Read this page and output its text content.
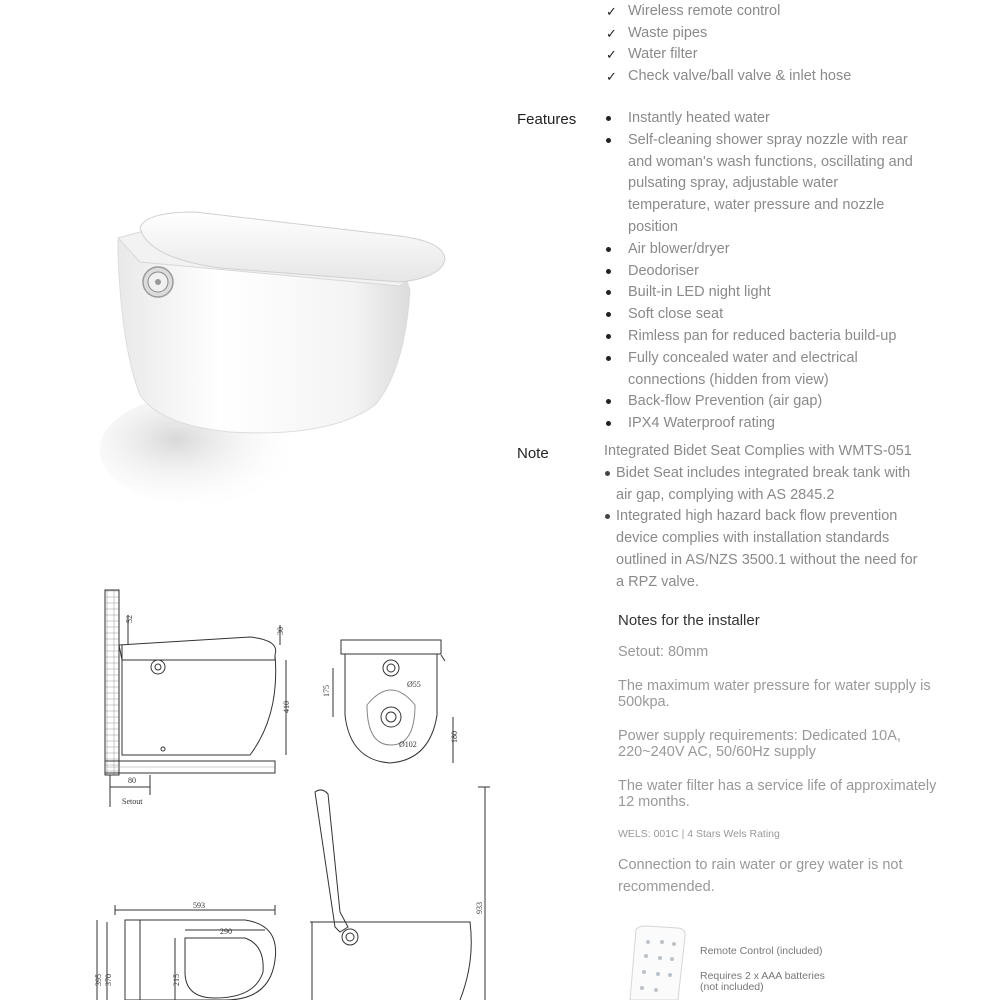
✓ Wireless remote control
✓ Waste pipes
✓ Water filter
✓ Check valve/ball valve & inlet hose
Features	Instantly heated water
Self-cleaning shower spray nozzle with rear and woman's wash functions, oscillating and pulsating spray, adjustable water temperature, water pressure and nozzle position
Air blower/dryer
Deodoriser
Built-in LED night light
Soft close seat
Rimless pan for reduced bacteria build-up
Fully concealed water and electrical connections (hidden from view)
Back-flow Prevention (air gap)
IPX4 Waterproof rating
Note	Integrated Bidet Seat Complies with WMTS-051
Bidet Seat includes integrated break tank with air gap, complying with AS 2845.2
Integrated high hazard back flow prevention device complies with installation standards outlined in AS/NZS 3500.1 without the need for a RPZ valve.
Notes for the installer

Setout: 80mm

The maximum water pressure for water supply is 500kpa.

Power supply requirements: Dedicated 10A, 220~240V AC, 50/60Hz supply

The water filter has a service life of approximately 12 months.

WELS: 001C | 4 Stars Wels Rating

Connection to rain water or grey water is not recommended.

Remote Control (included)
Requires 2 x AAA batteries (not included)
52
30
410
80
Setout
175
Ø55
Ø102
180
933
593
290
395 370	215
